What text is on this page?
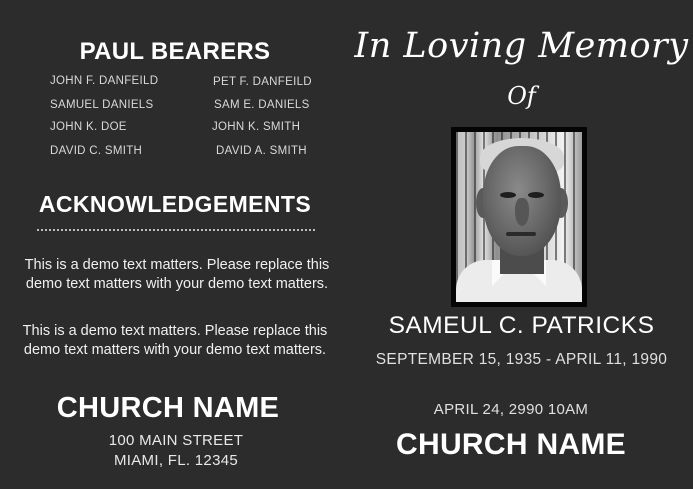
PAUL BEARERS
JOHN F. DANFEILD
SAMUEL DANIELS
JOHN K. DOE
DAVID C. SMITH
PET F. DANFEILD
SAM E. DANIELS
JOHN K. SMITH
DAVID A. SMITH
ACKNOWLEDGEMENTS
This is a demo text matters. Please replace this demo text matters with your demo text matters.
This is a demo text matters. Please replace this demo text matters with your demo text matters.
CHURCH NAME
100 MAIN STREET
MIAMI, FL. 12345
In Loving Memory
Of
SAMEUL C. PATRICKS
SEPTEMBER 15, 1935 - APRIL 11, 1990
APRIL 24, 2990 10AM
CHURCH NAME
